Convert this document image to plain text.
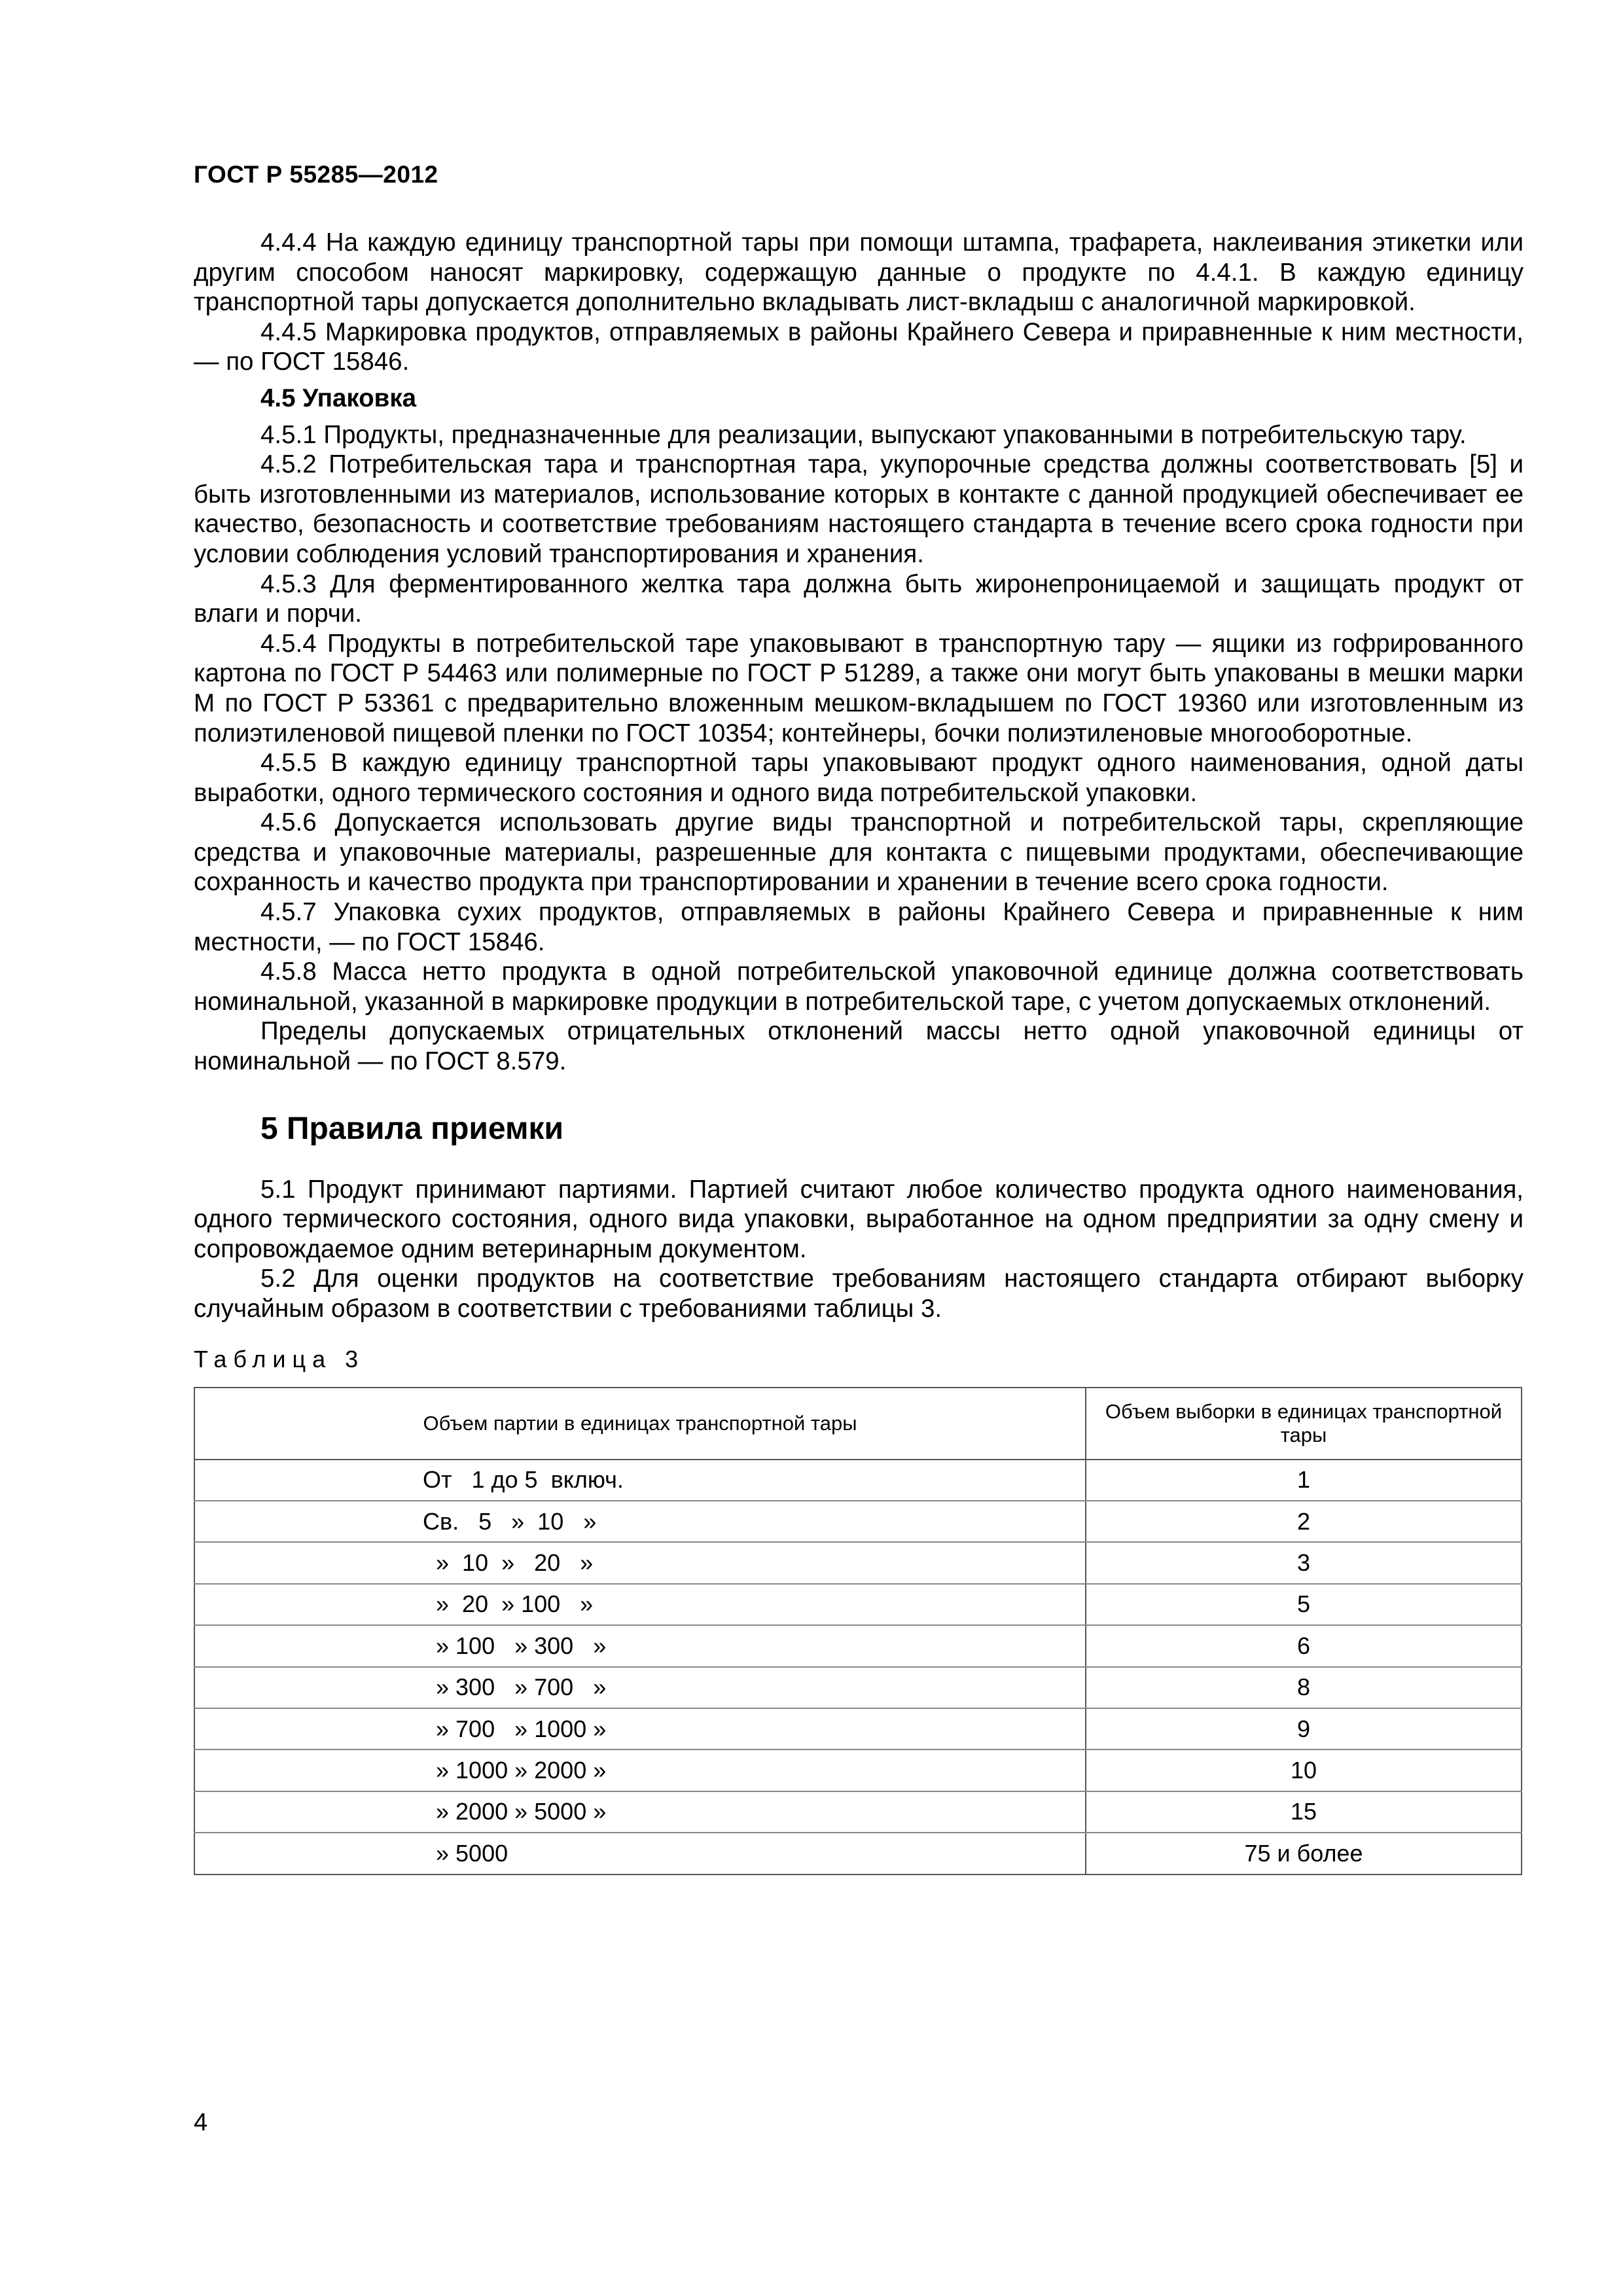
ГОСТ Р 55285—2012

4.4.4 На каждую единицу транспортной тары при помощи штампа, трафарета, наклеивания этикетки или другим способом наносят маркировку, содержащую данные о продукте по 4.4.1. В каждую единицу транспортной тары допускается дополнительно вкладывать лист-вкладыш с аналогичной маркировкой.

4.4.5 Маркировка продуктов, отправляемых в районы Крайнего Севера и приравненные к ним местности, — по ГОСТ 15846.

4.5 Упаковка

4.5.1 Продукты, предназначенные для реализации, выпускают упакованными в потребительскую тару.

4.5.2 Потребительская тара и транспортная тара, укупорочные средства должны соответствовать [5] и быть изготовленными из материалов, использование которых в контакте с данной продукцией обеспечивает ее качество, безопасность и соответствие требованиям настоящего стандарта в течение всего срока годности при условии соблюдения условий транспортирования и хранения.

4.5.3 Для ферментированного желтка тара должна быть жиронепроницаемой и защищать продукт от влаги и порчи.

4.5.4 Продукты в потребительской таре упаковывают в транспортную тару — ящики из гофрированного картона по ГОСТ Р 54463 или полимерные по ГОСТ Р 51289, а также они могут быть упакованы в мешки марки М по ГОСТ Р 53361 с предварительно вложенным мешком-вкладышем по ГОСТ 19360 или изготовленным из полиэтиленовой пищевой пленки по ГОСТ 10354; контейнеры, бочки полиэтиленовые многооборотные.

4.5.5 В каждую единицу транспортной тары упаковывают продукт одного наименования, одной даты выработки, одного термического состояния и одного вида потребительской упаковки.

4.5.6 Допускается использовать другие виды транспортной и потребительской тары, скрепляющие средства и упаковочные материалы, разрешенные для контакта с пищевыми продуктами, обеспечивающие сохранность и качество продукта при транспортировании и хранении в течение всего срока годности.

4.5.7 Упаковка сухих продуктов, отправляемых в районы Крайнего Севера и приравненные к ним местности, — по ГОСТ 15846.

4.5.8 Масса нетто продукта в одной потребительской упаковочной единице должна соответствовать номинальной, указанной в маркировке продукции в потребительской таре, с учетом допускаемых отклонений.

Пределы допускаемых отрицательных отклонений массы нетто одной упаковочной единицы от номинальной — по ГОСТ 8.579.

5 Правила приемки

5.1 Продукт принимают партиями. Партией считают любое количество продукта одного наименования, одного термического состояния, одного вида упаковки, выработанное на одном предприятии за одну смену и сопровождаемое одним ветеринарным документом.

5.2 Для оценки продуктов на соответствие требованиям настоящего стандарта отбирают выборку случайным образом в соответствии с требованиями таблицы 3.

Таблица 3
Объем партии в единицах транспортной тары	Объем выборки в единицах транспортной тары
От   1 до 5  включ.	1
Св.   5   »  10   »	2
»  10  »   20   »	3
»  20  » 100   »	5
» 100   » 300   »	6
» 300   » 700   »	8
» 700   » 1000 »	9
» 1000 » 2000 »	10
» 2000 » 5000 »	15
» 5000	75 и более
4
